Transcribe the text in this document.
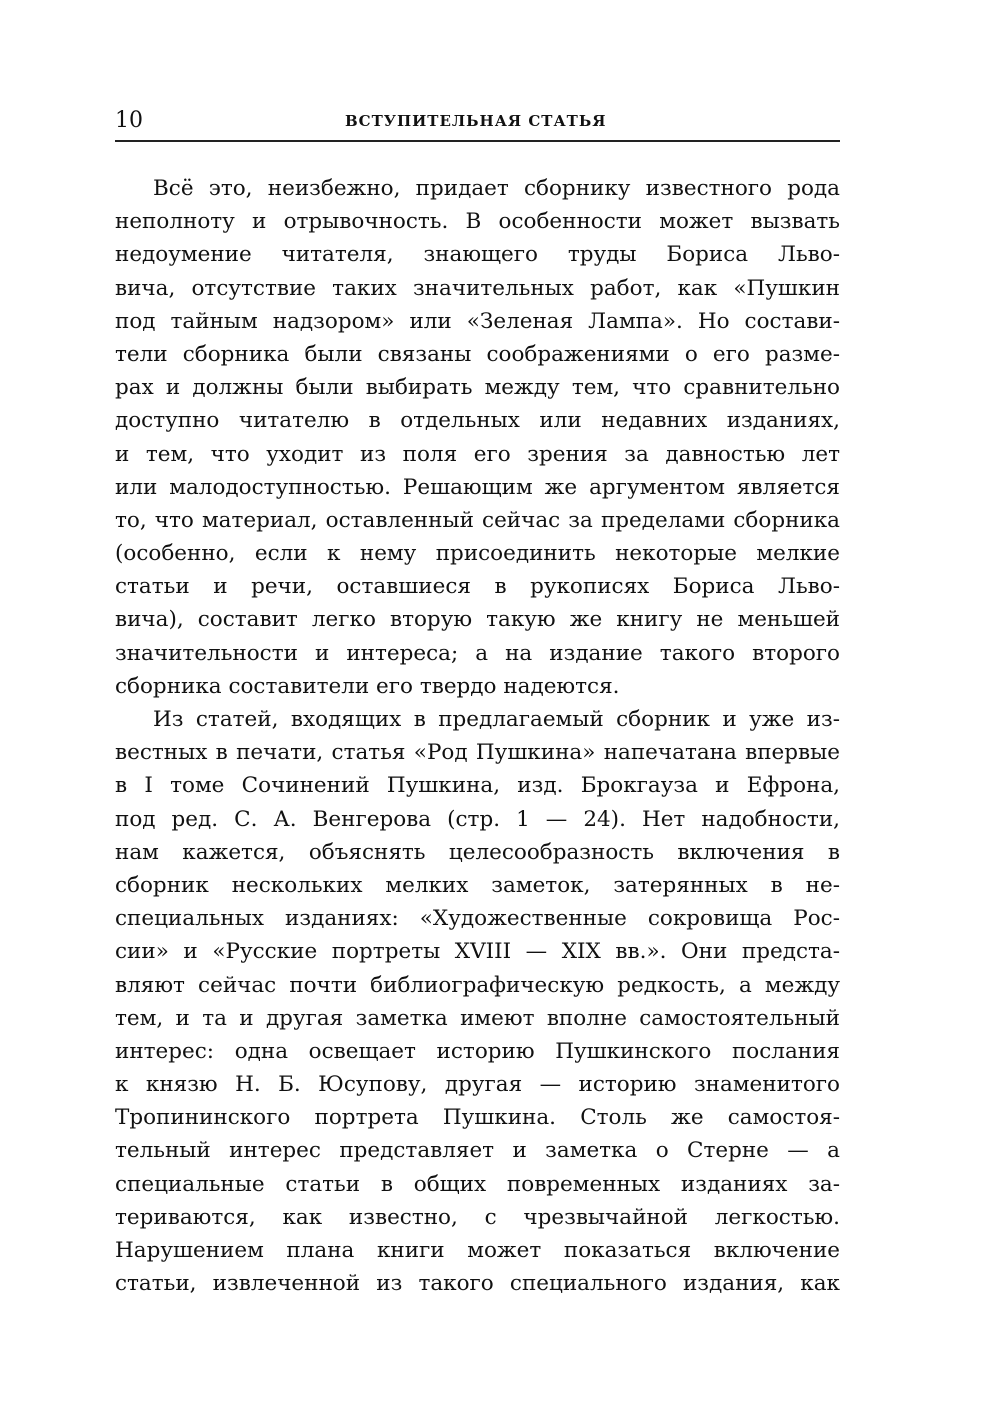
10	ВСТУПИТЕЛЬНАЯ СТАТЬЯ
Всё это, неизбежно, придает сборнику известного рода
неполноту и отрывочность. В особенности может вызвать
недоумение читателя, знающего труды Бориса Льво-
вича, отсутствие таких значительных работ, как «Пушкин
под тайным надзором» или «Зеленая Лампа». Но состави-
тели сборника были связаны соображениями о его разме-
рах и должны были выбирать между тем, что сравнительно
доступно читателю в отдельных или недавних изданиях,
и тем, что уходит из поля его зрения за давностью лет
или малодоступностью. Решающим же аргументом является
то, что материал, оставленный сейчас за пределами сборника
(особенно, если к нему присоединить некоторые мелкие
статьи и речи, оставшиеся в рукописях Бориса Льво-
вича), составит легко вторую такую же книгу не меньшей
значительности и интереса; а на издание такого второго
сборника составители его твердо надеются.
Из статей, входящих в предлагаемый сборник и уже из-
вестных в печати, статья «Род Пушкина» напечатана впервые
в I томе Сочинений Пушкина, изд. Брокгауза и Ефрона,
под ред. С. А. Венгерова (стр. 1 — 24). Нет надобности,
нам кажется, объяснять целесообразность включения в
сборник нескольких мелких заметок, затерянных в не-
специальных изданиях: «Художественные сокровища Рос-
сии» и «Русские портреты XVIII — XIX вв.». Они предста-
вляют сейчас почти библиографическую редкость, а между
тем, и та и другая заметка имеют вполне самостоятельный
интерес: одна освещает историю Пушкинского послания
к князю Н. Б. Юсупову, другая — историю знаменитого
Тропининского портрета Пушкина. Столь же самостоя-
тельный интерес представляет и заметка о Стерне — а
специальные статьи в общих повременных изданиях за-
териваются, как известно, с чрезвычайной легкостью.
Нарушением плана книги может показаться включение
статьи, извлеченной из такого специального издания, как
